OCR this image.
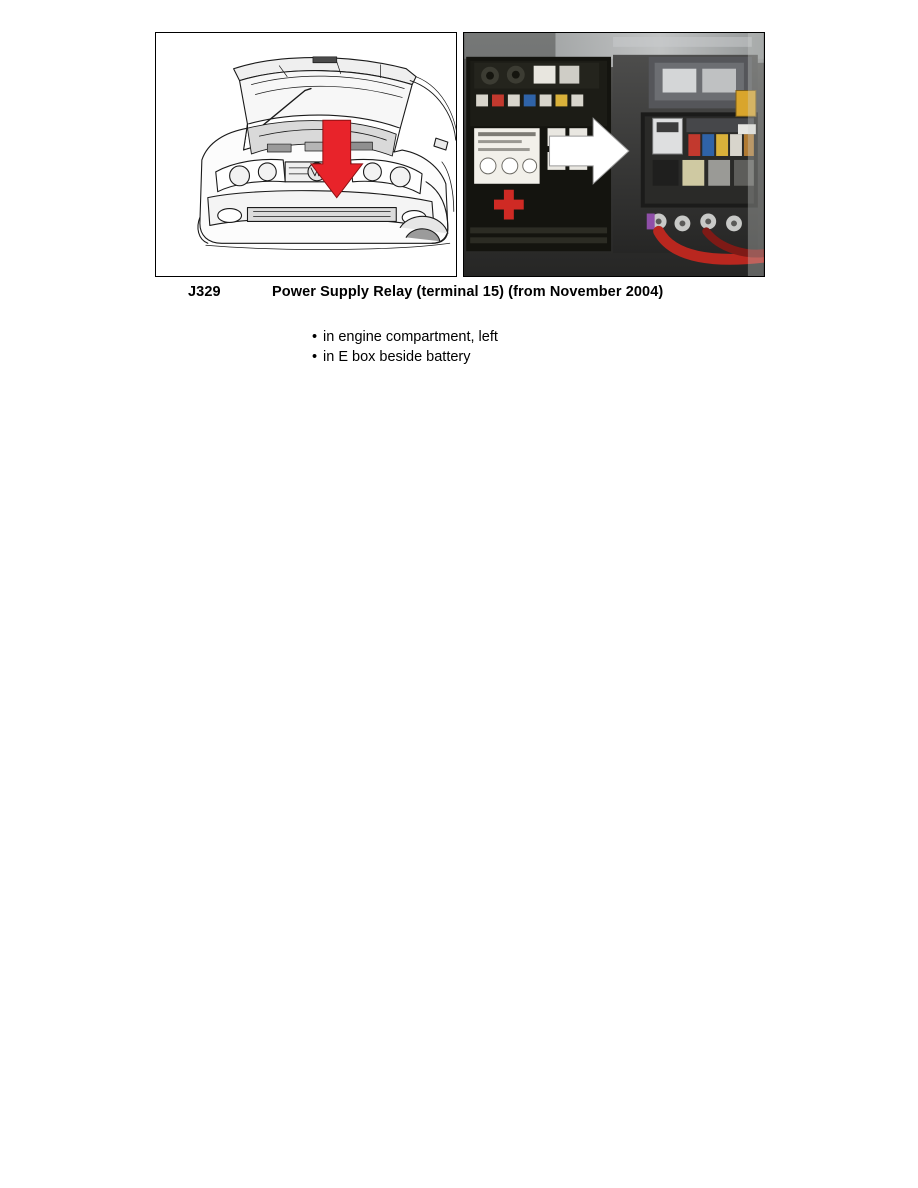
J329	Power Supply Relay (terminal 15) (from November 2004)
• in engine compartment, left
• in E box beside battery
